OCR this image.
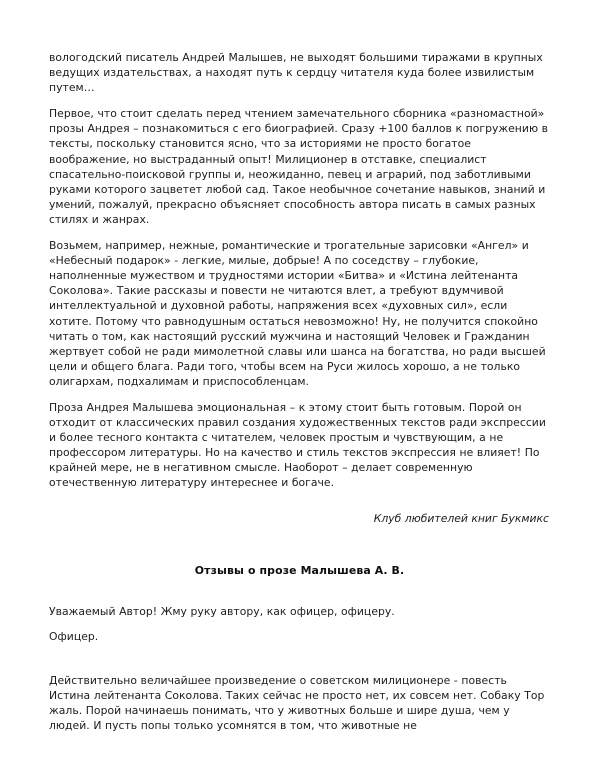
вологодский писатель Андрей Малышев, не выходят большими тиражами в крупных ведущих издательствах, а находят путь к сердцу читателя куда более извилистым путем…

Первое, что стоит сделать перед чтением замечательного сборника «разномастной» прозы Андрея – познакомиться с его биографией. Сразу +100 баллов к погружению в тексты, поскольку становится ясно, что за историями не просто богатое воображение, но выстраданный опыт! Милиционер в отставке, специалист спасательно-поисковой группы и, неожиданно, певец и аграрий, под заботливыми руками которого зацветет любой сад. Такое необычное сочетание навыков, знаний и умений, пожалуй, прекрасно объясняет способность автора писать в самых разных стилях и жанрах.

Возьмем, например, нежные, романтические и трогательные зарисовки «Ангел» и «Небесный подарок» - легкие, милые, добрые! А по соседству – глубокие, наполненные мужеством и трудностями истории «Битва» и «Истина лейтенанта Соколова». Такие рассказы и повести не читаются влет, а требуют вдумчивой интеллектуальной и духовной работы, напряжения всех «духовных сил», если хотите. Потому что равнодушным остаться невозможно! Ну, не получится спокойно читать о том, как настоящий русский мужчина и настоящий Человек и Гражданин жертвует собой не ради мимолетной славы или шанса на богатства, но ради высшей цели и общего блага. Ради того, чтобы всем на Руси жилось хорошо, а не только олигархам, подхалимам и приспособленцам.

Проза Андрея Малышева эмоциональная – к этому стоит быть готовым. Порой он отходит от классических правил создания художественных текстов ради экспрессии и более тесного контакта с читателем, человек простым и чувствующим, а не профессором литературы. Но на качество и стиль текстов экспрессия не влияет! По крайней мере, не в негативном смысле. Наоборот – делает современную отечественную литературу интереснее и богаче.

Клуб любителей книг Букмикс

Отзывы о прозе Малышева А. В.

Уважаемый Автор! Жму руку автору, как офицер, офицеру.

Офицер.

Действительно величайшее произведение о советском милиционере - повесть Истина лейтенанта Соколова. Таких сейчас не просто нет, их совсем нет. Собаку Тор жаль. Порой начинаешь понимать, что у животных больше и шире душа, чем у людей. И пусть попы только усомнятся в том, что животные не
